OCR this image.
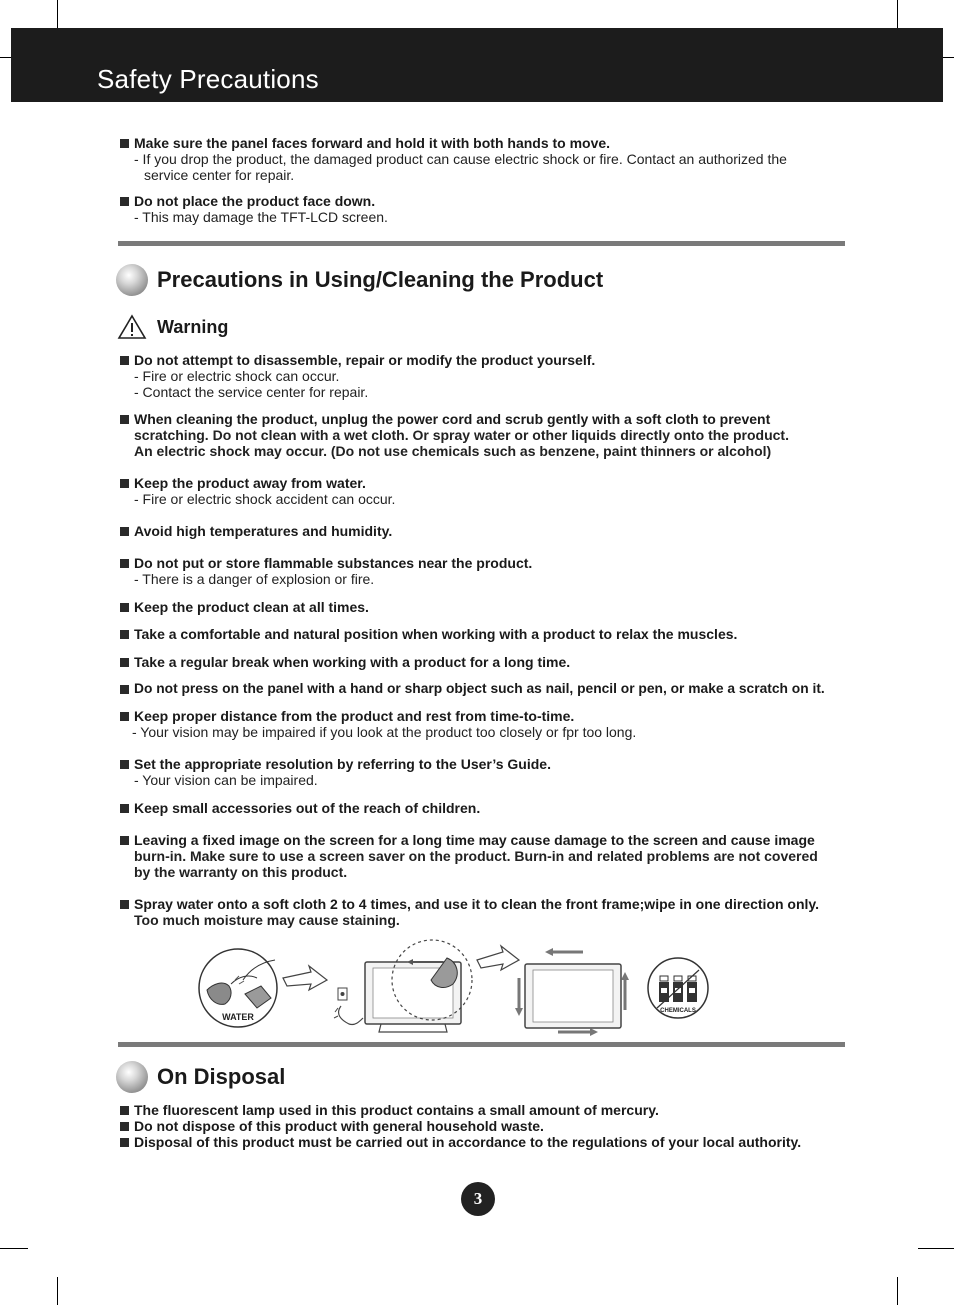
Safety Precautions
Make sure the panel faces forward and hold it with both hands to move.
- If you drop the product, the damaged product can cause electric shock or fire. Contact an authorized the
service center for repair.
Do not place the product face down.
- This may damage the TFT-LCD screen.
Precautions in Using/Cleaning the Product
Warning
Do not attempt to disassemble, repair or modify the product yourself.
- Fire or electric shock can occur.
- Contact the service center for repair.
When cleaning the product, unplug the power cord and scrub gently with a soft cloth to prevent
scratching. Do not clean with a wet cloth. Or spray water or other liquids directly onto the product.
An electric shock may occur. (Do not use chemicals such as benzene, paint thinners or alcohol)
Keep the product away from water.
- Fire or electric shock accident can occur.
Avoid high temperatures and humidity.
Do not put or store flammable substances near the product.
- There is a danger of explosion or fire.
Keep the product clean at all times.
Take a comfortable and natural position when working with a product to relax the muscles.
Take a regular break when working with a product for a long time.
Do not press on the panel with a hand or sharp object such as nail, pencil or pen, or make a scratch on it.
Keep proper distance from the product and rest from time-to-time.
- Your vision may be impaired if you look at the product too closely or fpr too long.
Set the appropriate resolution by referring to the User’s Guide.
- Your vision can be impaired.
Keep small accessories out of the reach of children.
Leaving a fixed image on the screen for a long time may cause damage to the screen and cause image
burn-in. Make sure to use a screen saver on the product. Burn-in and related problems are not covered
by the warranty on this product.
Spray water onto a soft cloth 2 to 4 times, and use it to clean the front frame;wipe in one direction only.
Too much moisture may cause staining.
WATER
CHEMICALS
On Disposal
The fluorescent lamp used in this product contains a small amount of mercury.
Do not dispose of this product with general household waste.
Disposal of this product must be carried out in accordance to the regulations of your local authority.
3
